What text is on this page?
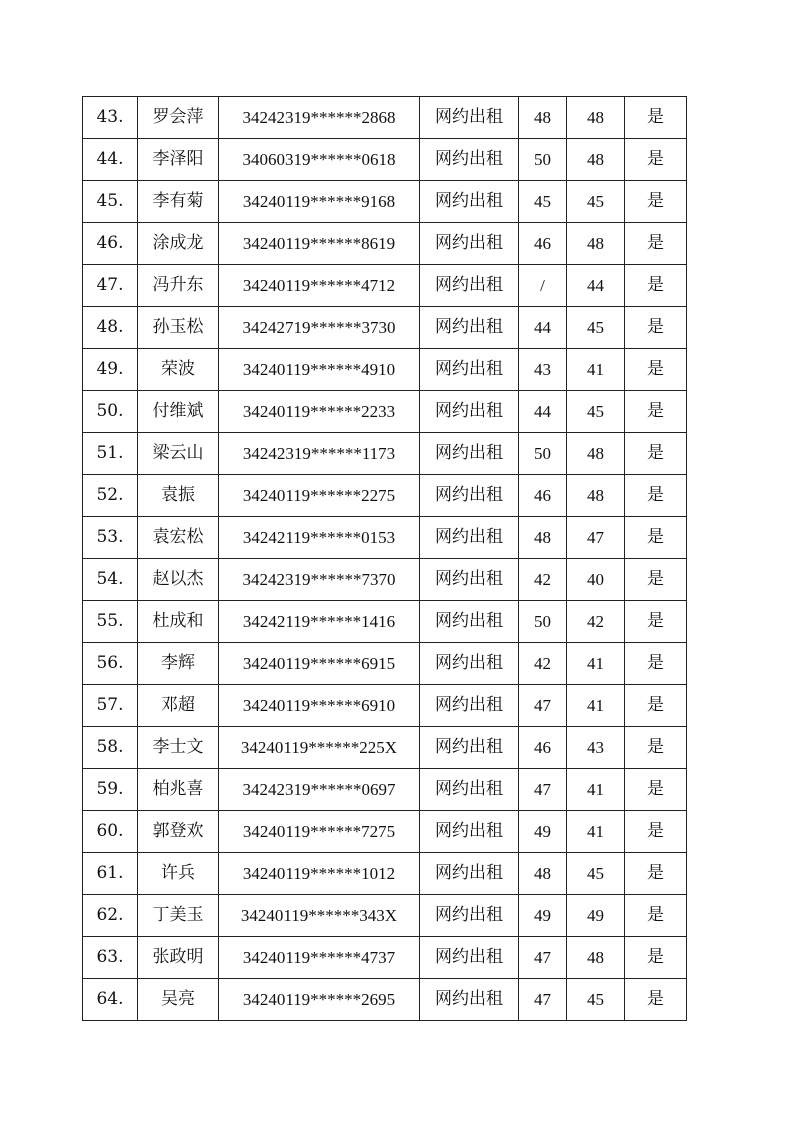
43.	罗会萍	34242319******2868	网约出租	48	48	是
44.	李泽阳	34060319******0618	网约出租	50	48	是
45.	李有菊	34240119******9168	网约出租	45	45	是
46.	涂成龙	34240119******8619	网约出租	46	48	是
47.	冯升东	34240119******4712	网约出租	/	44	是
48.	孙玉松	34242719******3730	网约出租	44	45	是
49.	荣波	34240119******4910	网约出租	43	41	是
50.	付维斌	34240119******2233	网约出租	44	45	是
51.	梁云山	34242319******1173	网约出租	50	48	是
52.	袁振	34240119******2275	网约出租	46	48	是
53.	袁宏松	34242119******0153	网约出租	48	47	是
54.	赵以杰	34242319******7370	网约出租	42	40	是
55.	杜成和	34242119******1416	网约出租	50	42	是
56.	李辉	34240119******6915	网约出租	42	41	是
57.	邓超	34240119******6910	网约出租	47	41	是
58.	李士文	34240119******225X	网约出租	46	43	是
59.	柏兆喜	34242319******0697	网约出租	47	41	是
60.	郭登欢	34240119******7275	网约出租	49	41	是
61.	许兵	34240119******1012	网约出租	48	45	是
62.	丁美玉	34240119******343X	网约出租	49	49	是
63.	张政明	34240119******4737	网约出租	47	48	是
64.	吴亮	34240119******2695	网约出租	47	45	是
